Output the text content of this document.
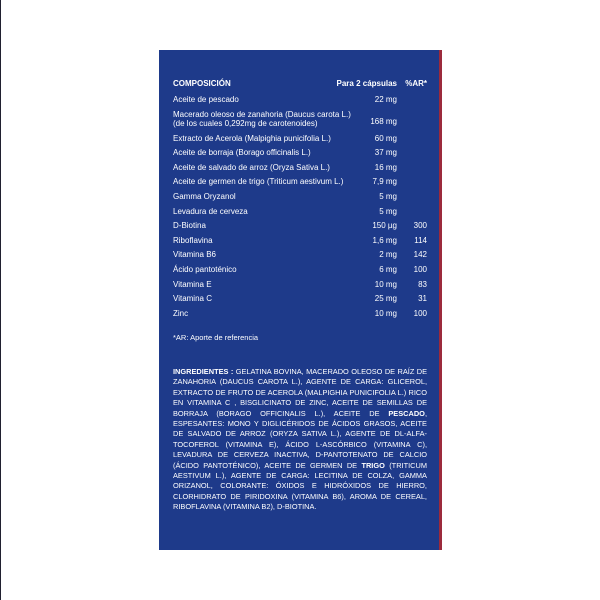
COMPOSICIÓN	Para 2 cápsulas	%AR*
Aceite de pescado	22 mg
Macerado oleoso de zanahoria (Daucus carota L.)
(de los cuales 0,292mg de carotenoides)	168 mg
Extracto de Acerola (Malpighia punicifolia L.)	60 mg
Aceite de borraja (Borago officinalis L.)	37 mg
Aceite de salvado de arroz (Oryza Sativa L.)	16 mg
Aceite de germen de trigo (Triticum aestivum L.)	7,9 mg
Gamma Oryzanol	5 mg
Levadura de cerveza	5 mg
D-Biotina	150 µg	300
Riboflavina	1,6 mg	114
Vitamina B6	2 mg	142
Ácido pantoténico	6 mg	100
Vitamina E	10 mg	83
Vitamina C	25 mg	31
Zinc	10 mg	100
*AR: Aporte de referencia
INGREDIENTES : GELATINA BOVINA, MACERADO OLEOSO DE RAÍZ DE ZANAHORIA (DAUCUS CAROTA L.), AGENTE DE CARGA: GLICEROL, EXTRACTO DE FRUTO DE ACEROLA (MALPIGHIA PUNICIFOLIA L.) RICO EN VITAMINA C , BISGLICINATO DE ZINC, ACEITE DE SEMILLAS DE BORRAJA (BORAGO OFFICINALIS L.), ACEITE DE PESCADO, ESPESANTES: MONO Y DIGLICÉRIDOS DE ÁCIDOS GRASOS, ACEITE DE SALVADO DE ARROZ (ORYZA SATIVA L.), AGENTE DE DL-ALFA-TOCOFEROL (VITAMINA E), ÁCIDO L-ASCÓRBICO (VITAMINA C), LEVADURA DE CERVEZA INACTIVA, D-PANTOTENATO DE CALCIO (ÁCIDO PANTOTÉNICO), ACEITE DE GERMEN DE TRIGO (TRITICUM AESTIVUM L.), AGENTE DE CARGA: LECITINA DE COLZA, GAMMA ORIZANOL, COLORANTE: ÓXIDOS E HIDRÓXIDOS DE HIERRO, CLORHIDRATO DE PIRIDOXINA (VITAMINA B6), AROMA DE CEREAL, RIBOFLAVINA (VITAMINA B2), D-BIOTINA.
